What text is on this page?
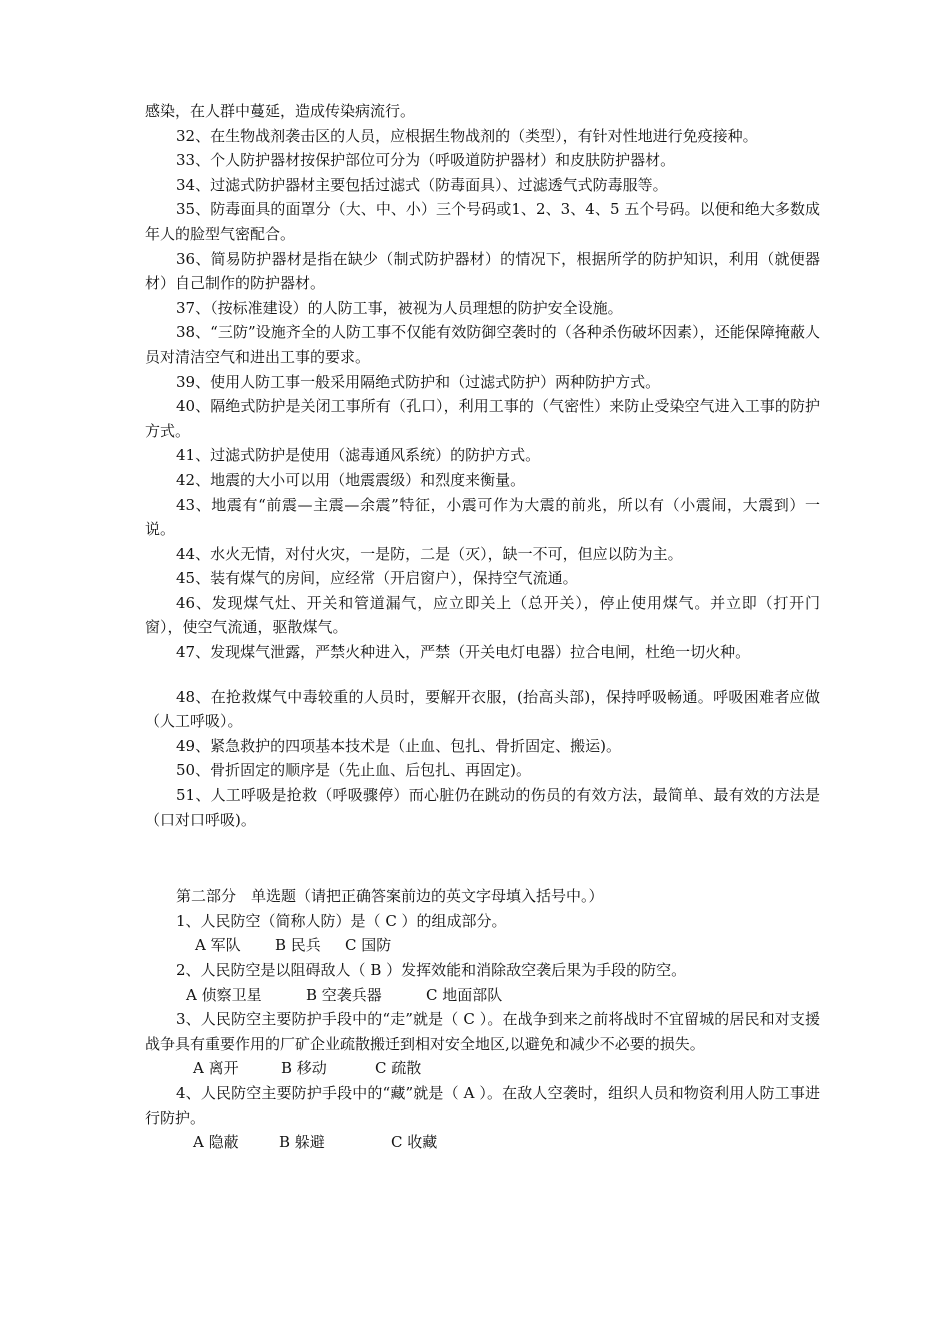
感染，在人群中蔓延，造成传染病流行。

32、在生物战剂袭击区的人员，应根据生物战剂的（类型），有针对性地进行免疫接种。

33、个人防护器材按保护部位可分为（呼吸道防护器材）和皮肤防护器材。

34、过滤式防护器材主要包括过滤式（防毒面具）、过滤透气式防毒服等。

35、防毒面具的面罩分（大、中、小）三个号码或1、2、3、4、5 五个号码。以便和绝大多数成年人的脸型气密配合。

36、简易防护器材是指在缺少（制式防护器材）的情况下，根据所学的防护知识，利用（就便器材）自己制作的防护器材。

37、（按标准建设）的人防工事，被视为人员理想的防护安全设施。

38、“三防”设施齐全的人防工事不仅能有效防御空袭时的（各种杀伤破坏因素），还能保障掩蔽人员对清洁空气和进出工事的要求。

39、使用人防工事一般采用隔绝式防护和（过滤式防护）两种防护方式。

40、隔绝式防护是关闭工事所有（孔口），利用工事的（气密性）来防止受染空气进入工事的防护方式。

41、过滤式防护是使用（滤毒通风系统）的防护方式。

42、地震的大小可以用（地震震级）和烈度来衡量。

43、地震有“前震—主震—余震”特征，小震可作为大震的前兆，所以有（小震闹，大震到）一说。

44、水火无情，对付火灾，一是防，二是（灭），缺一不可，但应以防为主。

45、装有煤气的房间，应经常（开启窗户），保持空气流通。

46、发现煤气灶、开关和管道漏气，应立即关上（总开关），停止使用煤气。并立即（打开门窗），使空气流通，驱散煤气。

47、发现煤气泄露，严禁火种进入，严禁（开关电灯电器）拉合电闸，杜绝一切火种。

48、在抢救煤气中毒较重的人员时，要解开衣服，(抬高头部)，保持呼吸畅通。呼吸困难者应做（人工呼吸）。

49、紧急救护的四项基本技术是（止血、包扎、骨折固定、搬运)。

50、骨折固定的顺序是（先止血、后包扎、再固定)。

51、人工呼吸是抢救（呼吸骤停）而心脏仍在跳动的伤员的有效方法，最简单、最有效的方法是（口对口呼吸)。

第二部分　单选题（请把正确答案前边的英文字母填入括号中。）

1、人民防空（简称人防）是（ C ）的组成部分。

A 军队 B 民兵 C 国防

2、人民防空是以阻碍敌人（ B ）发挥效能和消除敌空袭后果为手段的防空。

A 侦察卫星	B 空袭兵器	C 地面部队

3、人民防空主要防护手段中的“走”就是（ C ）。在战争到来之前将战时不宜留城的居民和对支援战争具有重要作用的厂矿企业疏散搬迁到相对安全地区,以避免和减少不必要的损失。

A 离开	B 移动	C 疏散

4、人民防空主要防护手段中的“藏”就是（ A ）。在敌人空袭时，组织人员和物资利用人防工事进行防护。

A 隐蔽	B 躲避	C 收藏
